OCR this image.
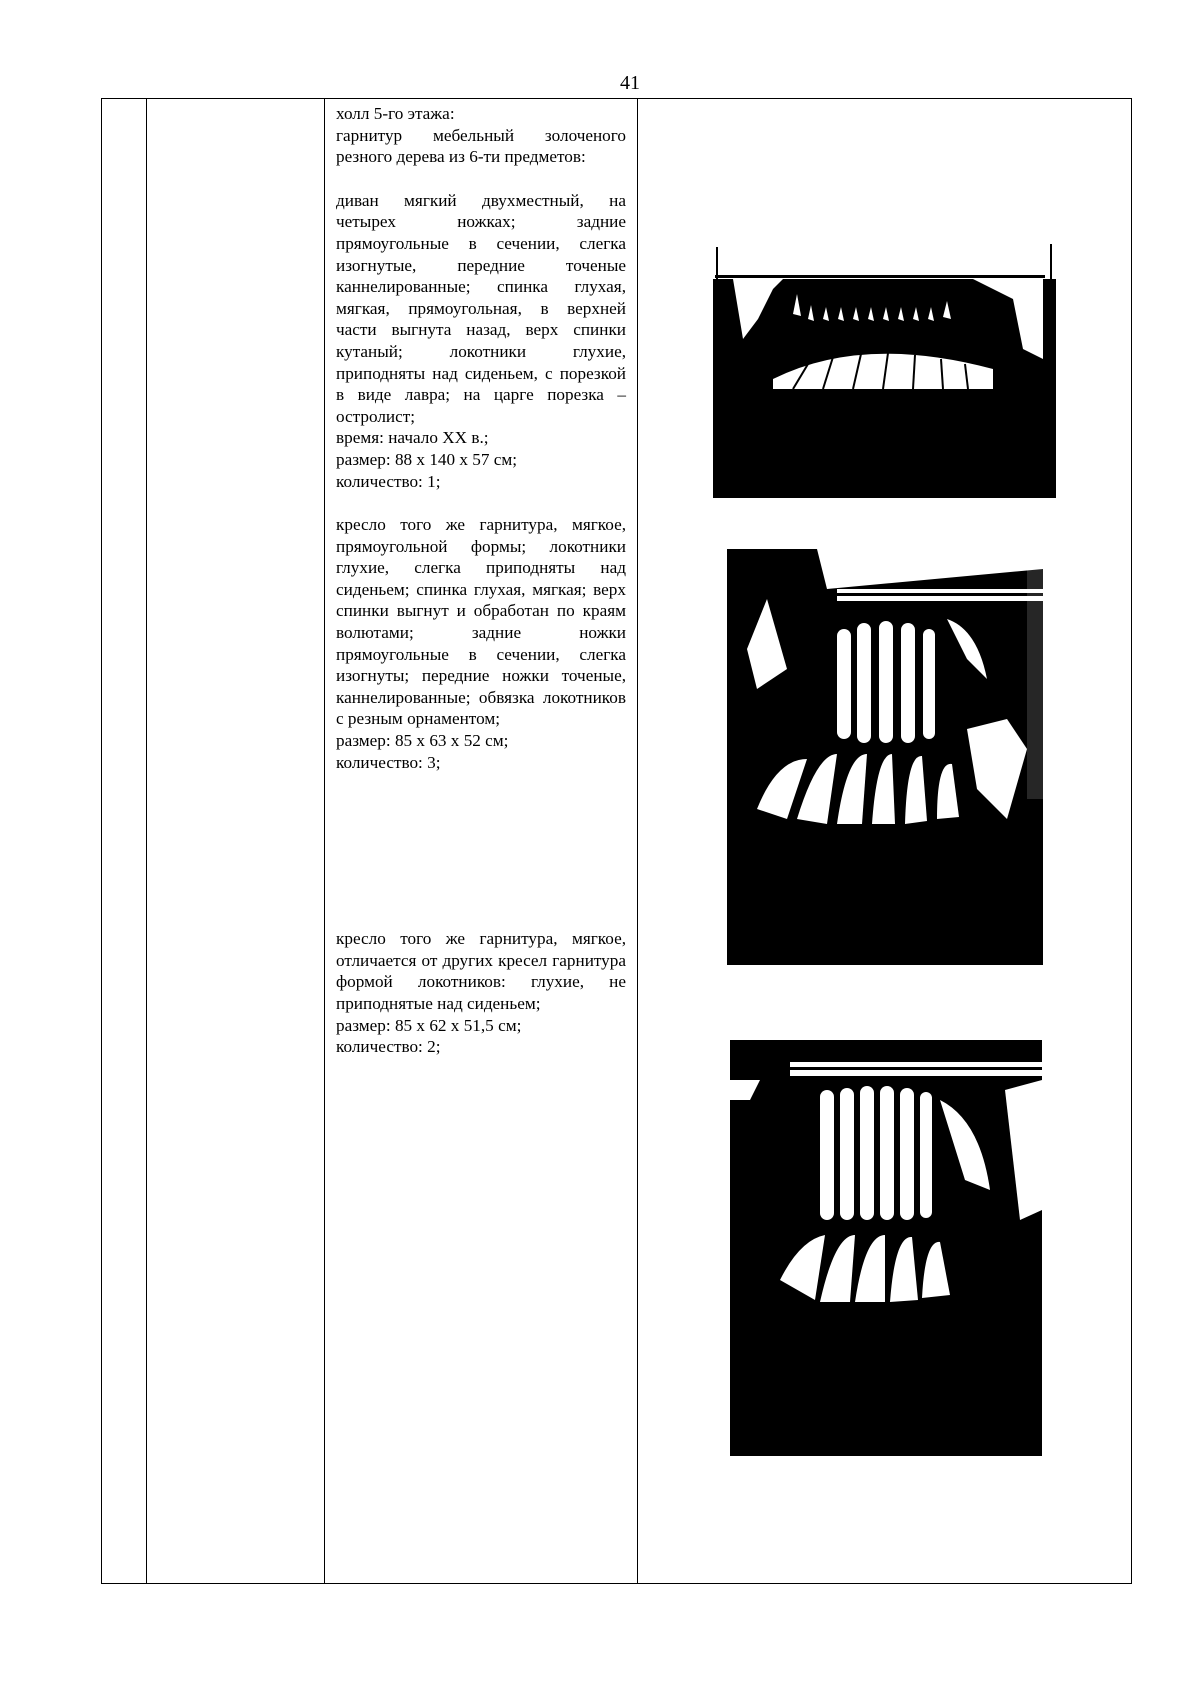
41

холл 5-го этажа:

гарнитур мебельный золоченого резного дерева из 6-ти предметов:

диван мягкий двухместный, на четырех ножках; задние прямоугольные в сечении, слегка изогнутые, передние точеные каннелированные; спинка глухая, мягкая, прямоугольная, в верхней части выгнута назад, верх спинки кутаный; локотники глухие, приподняты над сиденьем, с порезкой в виде лавра; на царге порезка – остролист;

время: начало XX в.;

размер: 88 х 140 х 57 см;

количество: 1;

кресло того же гарнитура, мягкое, прямоугольной формы; локотники глухие, слегка приподняты над сиденьем; спинка глухая, мягкая; верх спинки выгнут и обработан по краям волютами; задние ножки прямоугольные в сечении, слегка изогнуты; передние ножки точеные, каннелированные; обвязка локотников с резным орнаментом;

размер: 85 х 63 х 52 см;

количество: 3;

кресло того же гарнитура, мягкое, отличается от других кресел гарнитура формой локотников: глухие, не приподнятые над сиденьем;

размер: 85 х 62 х 51,5 см;

количество: 2;
